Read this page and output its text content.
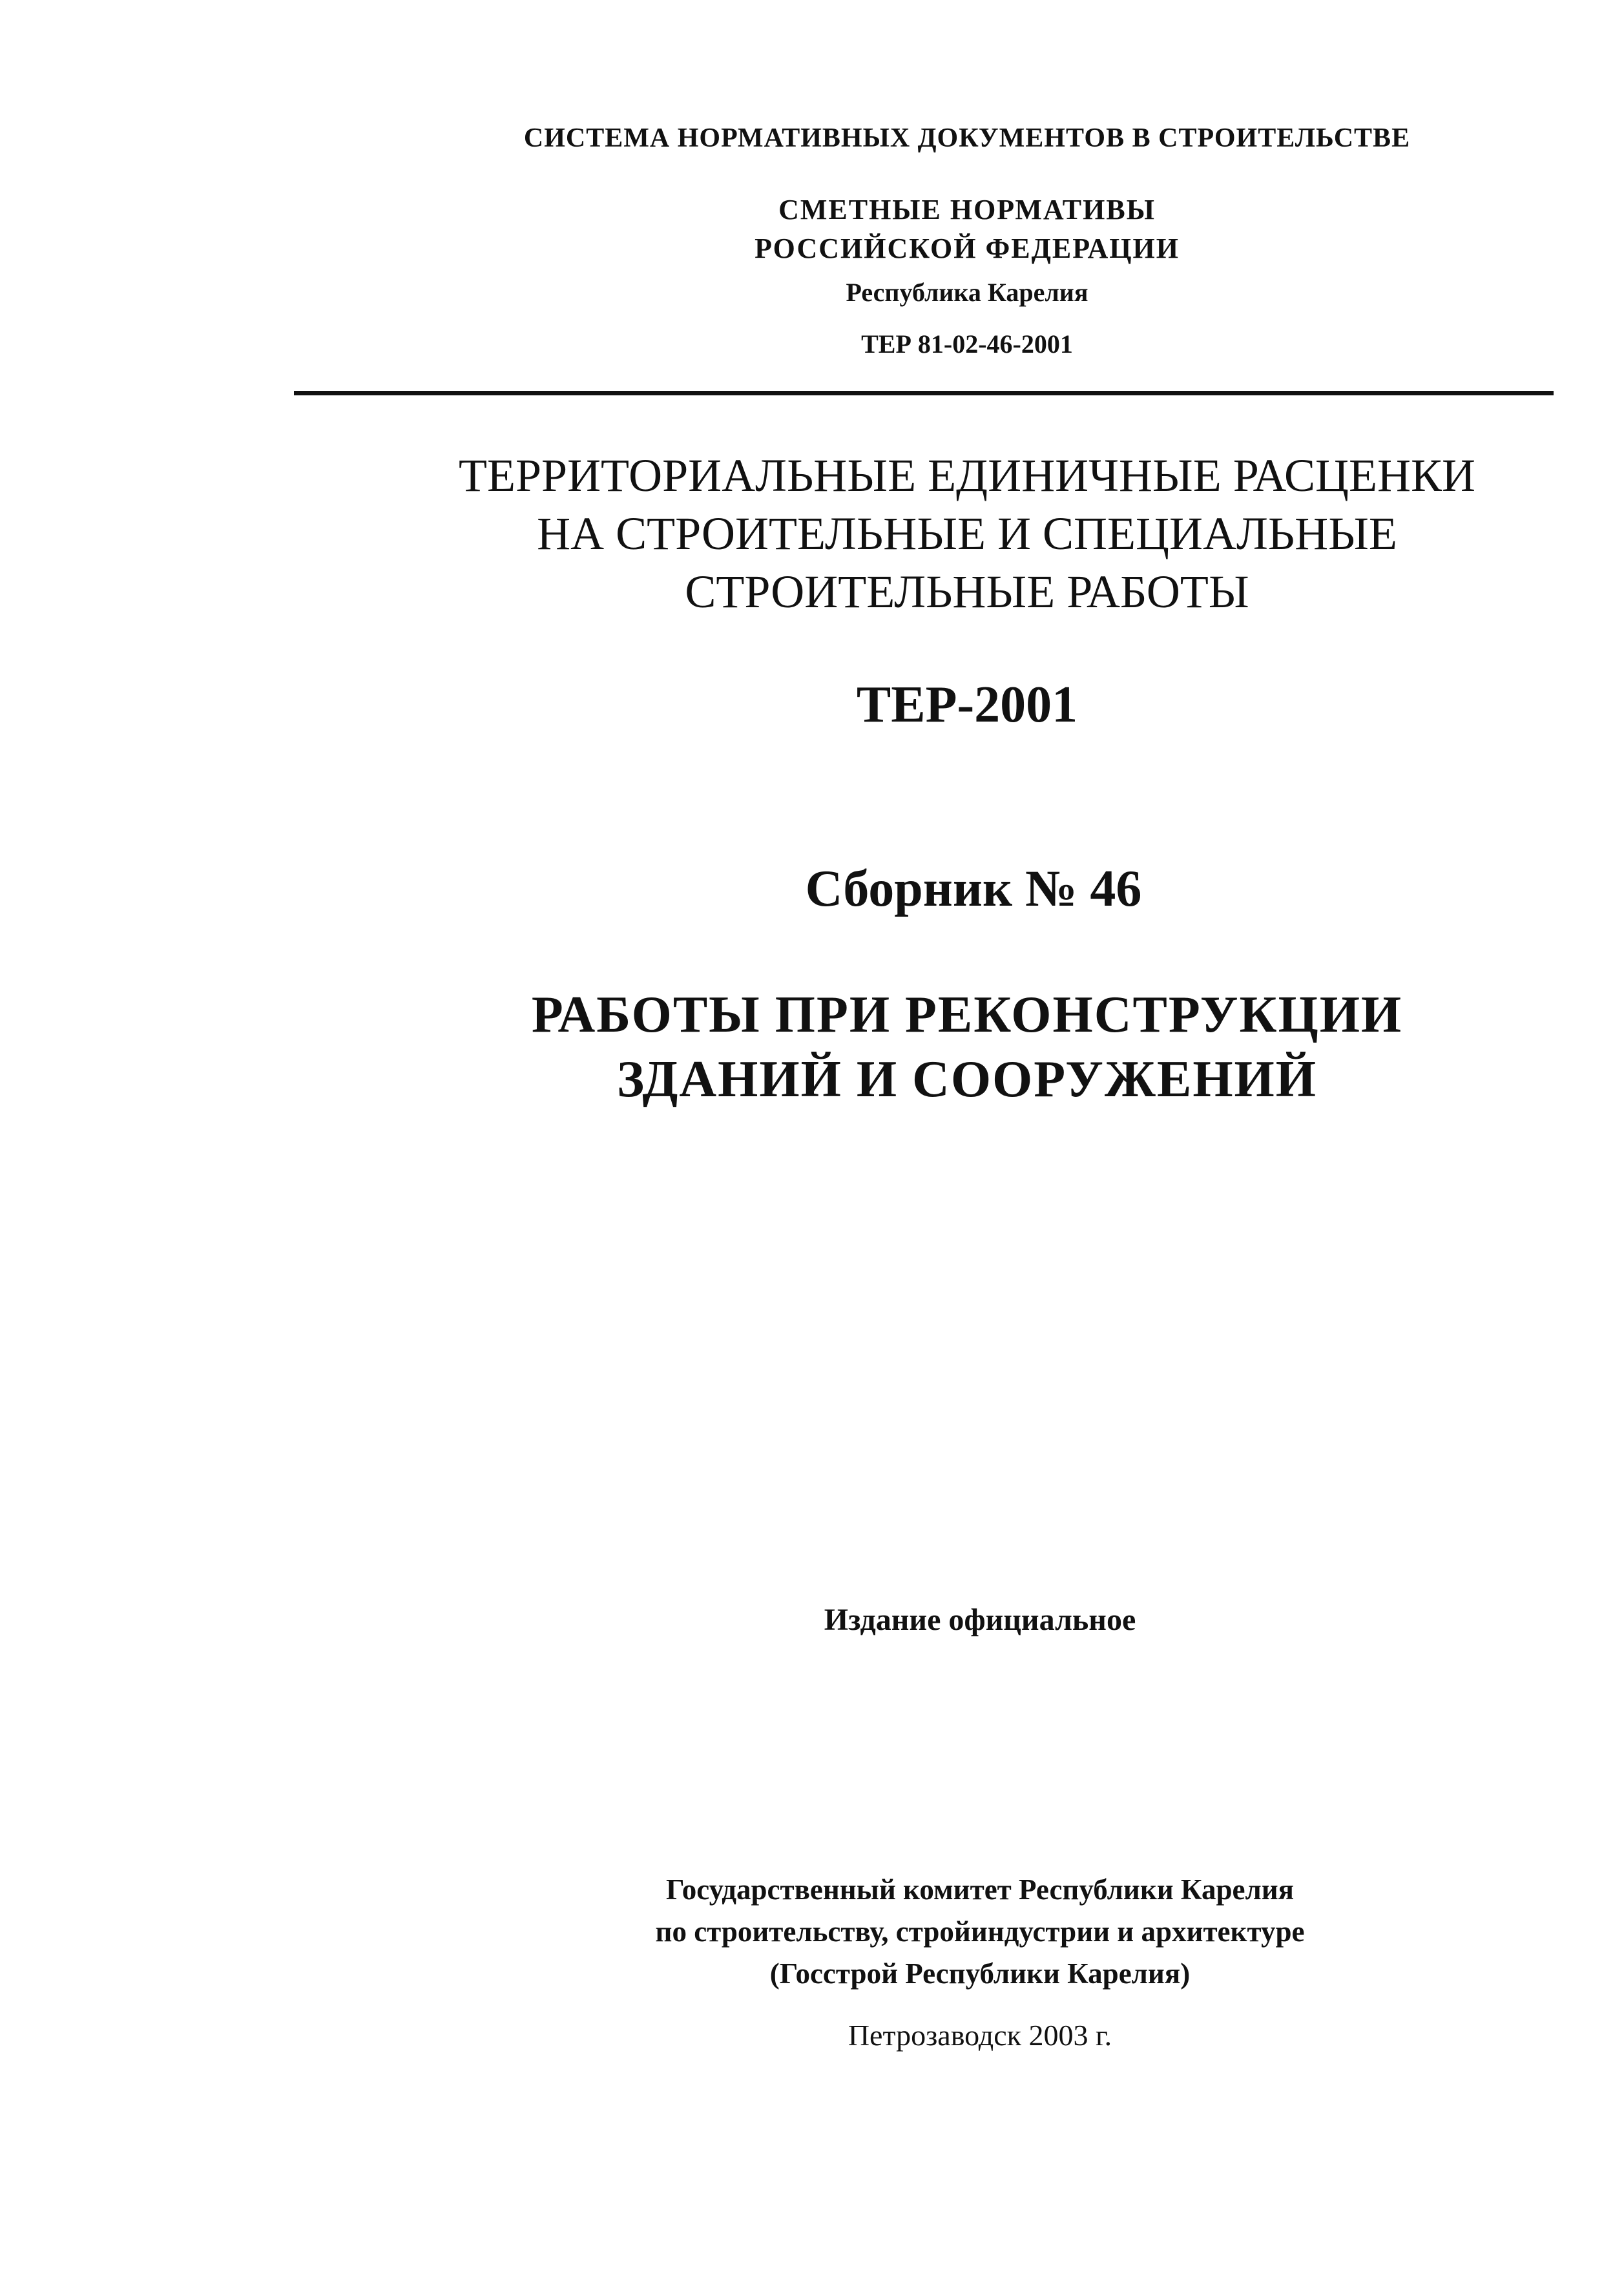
СИСТЕМА НОРМАТИВНЫХ ДОКУМЕНТОВ В СТРОИТЕЛЬСТВЕ
СМЕТНЫЕ НОРМАТИВЫ
РОССИЙСКОЙ ФЕДЕРАЦИИ
Республика Карелия
ТЕР 81-02-46-2001
ТЕРРИТОРИАЛЬНЫЕ ЕДИНИЧНЫЕ РАСЦЕНКИ
НА СТРОИТЕЛЬНЫЕ И СПЕЦИАЛЬНЫЕ
СТРОИТЕЛЬНЫЕ РАБОТЫ
ТЕР-2001
Сборник № 46
РАБОТЫ ПРИ РЕКОНСТРУКЦИИ
ЗДАНИЙ И СООРУЖЕНИЙ
Издание официальное
Государственный комитет Республики Карелия
по строительству, стройиндустрии и архитектуре
(Госстрой Республики Карелия)
Петрозаводск 2003 г.
